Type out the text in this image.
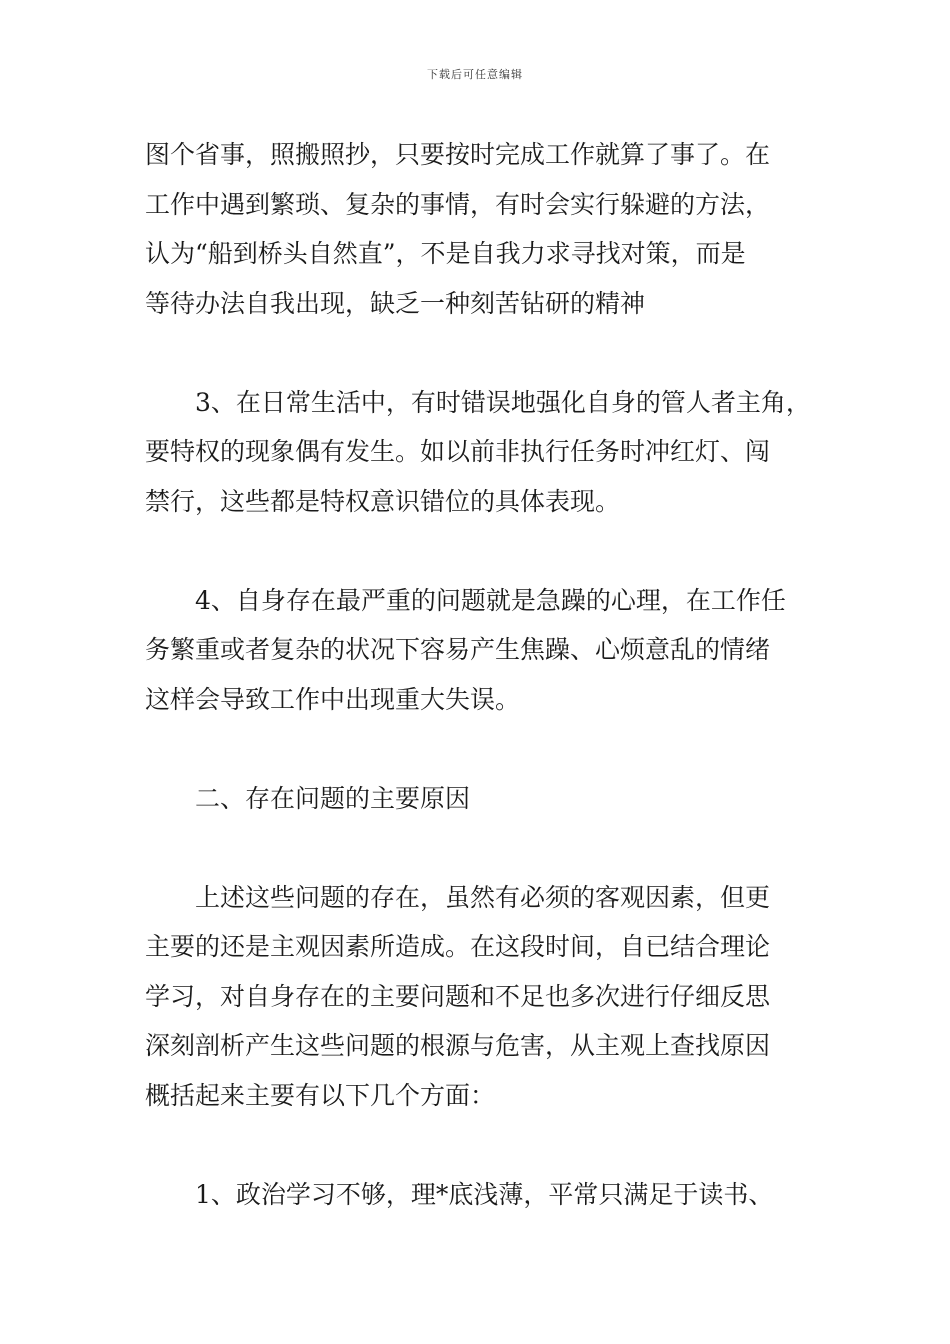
下载后可任意编辑
图个省事，照搬照抄，只要按时完成工作就算了事了。在
工作中遇到繁琐、复杂的事情，有时会实行躲避的方法，
认为“船到桥头自然直”，不是自我力求寻找对策，而是
等待办法自我出现，缺乏一种刻苦钻研的精神
3、在日常生活中，有时错误地强化自身的管人者主角，
要特权的现象偶有发生。如以前非执行任务时冲红灯、闯
禁行，这些都是特权意识错位的具体表现。
4、自身存在最严重的问题就是急躁的心理，在工作任
务繁重或者复杂的状况下容易产生焦躁、心烦意乱的情绪
这样会导致工作中出现重大失误。
二、存在问题的主要原因
上述这些问题的存在，虽然有必须的客观因素，但更
主要的还是主观因素所造成。在这段时间，自已结合理论
学习，对自身存在的主要问题和不足也多次进行仔细反思
深刻剖析产生这些问题的根源与危害，从主观上查找原因
概括起来主要有以下几个方面：
1、政治学习不够，理*底浅薄，平常只满足于读书、
